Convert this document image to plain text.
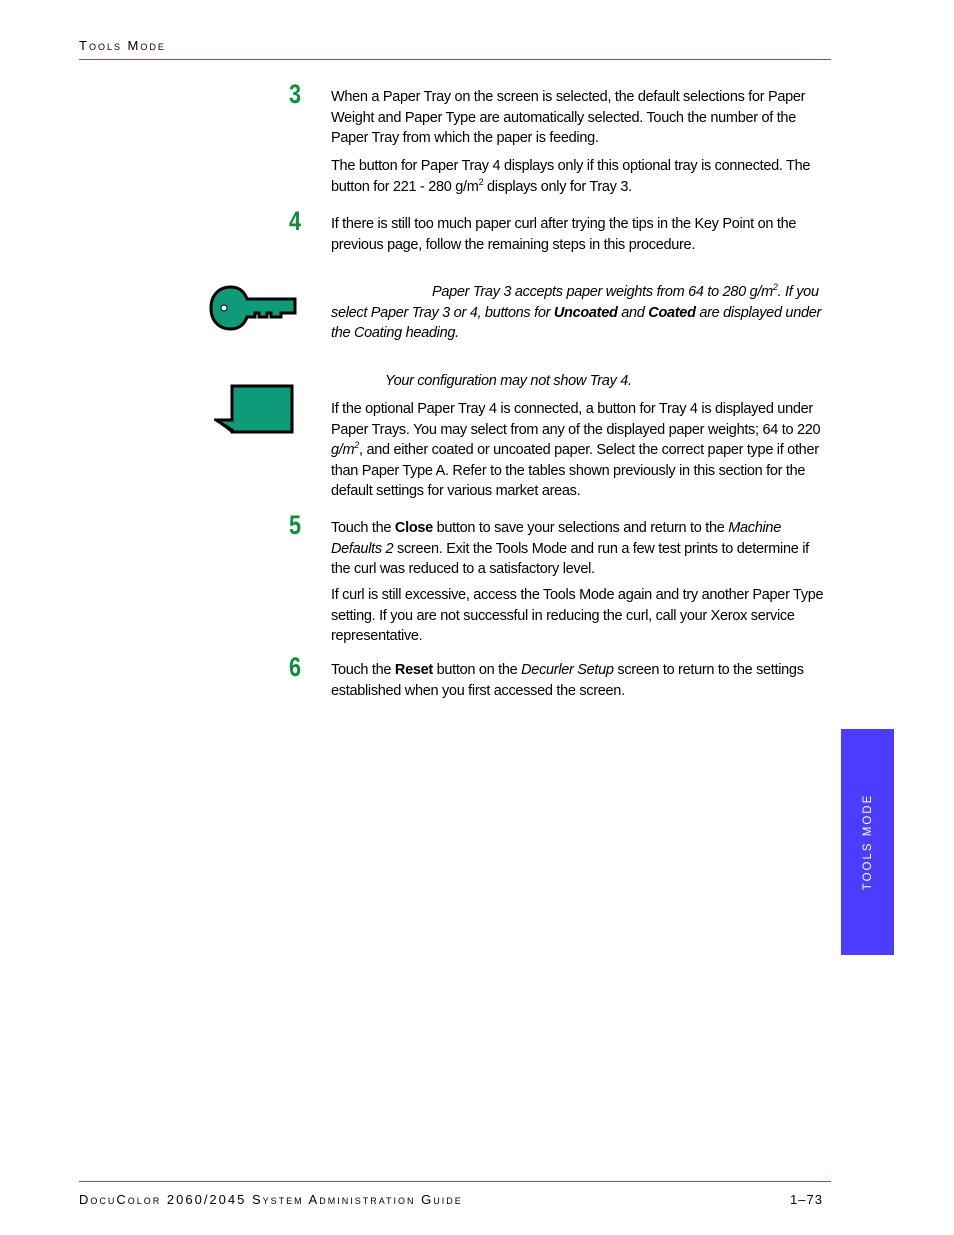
Tools Mode
3 When a Paper Tray on the screen is selected, the default selections for Paper Weight and Paper Type are automatically selected. Touch the number of the Paper Tray from which the paper is feeding.
The button for Paper Tray 4 displays only if this optional tray is connected. The button for 221 - 280 $g/m^2$ displays only for Tray 3.
4 If there is still too much paper curl after trying the tips in the Key Point on the previous page, follow the remaining steps in this procedure.
Paper Tray 3 accepts paper weights from 64 to 280 $g/m^2$. If you select Paper Tray 3 or 4, buttons for Uncoated and Coated are displayed under the Coating heading.
Your configuration may not show Tray 4.
If the optional Paper Tray 4 is connected, a button for Tray 4 is displayed under Paper Trays. You may select from any of the displayed paper weights; 64 to 220 $g/m^2$, and either coated or uncoated paper. Select the correct paper type if other than Paper Type A. Refer to the tables shown previously in this section for the default settings for various market areas.
5 Touch the Close button to save your selections and return to the Machine Defaults 2 screen. Exit the Tools Mode and run a few test prints to determine if the curl was reduced to a satisfactory level.
If curl is still excessive, access the Tools Mode again and try another Paper Type setting. If you are not successful in reducing the curl, call your Xerox service representative.
6 Touch the Reset button on the Decurler Setup screen to return to the settings established when you first accessed the screen.
TOOLS MODE
DocuColor 2060/2045 System Administration Guide	1–73
